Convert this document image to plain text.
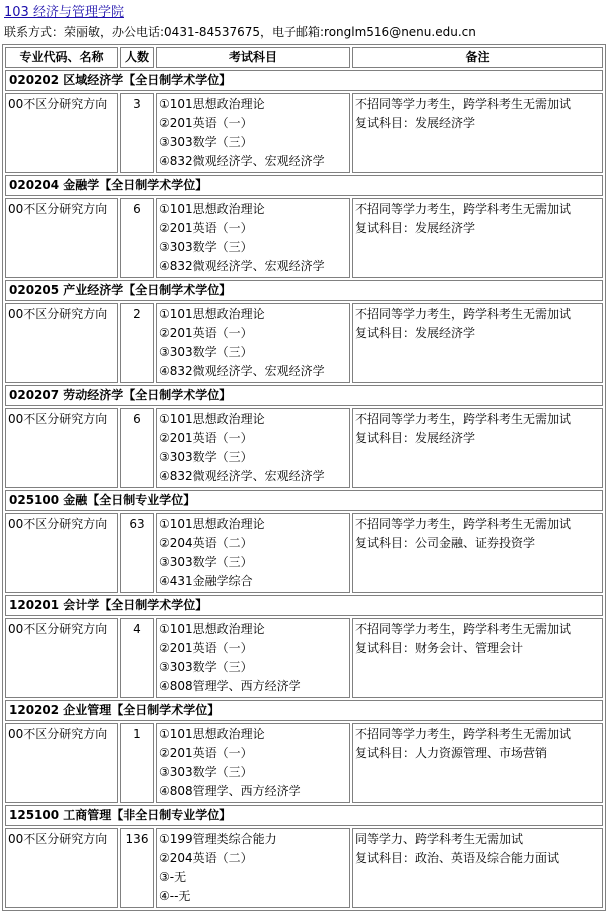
103 经济与管理学院
联系方式：荣丽敏，办公电话:0431-84537675，电子邮箱:ronglm516@nenu.edu.cn
专业代码、名称	人数	考试科目	备注
020202 区域经济学【全日制学术学位】			
00不区分研究方向	3	①101思想政治理论
②201英语（一）
③303数学（三）
④832微观经济学、宏观经济学	不招同等学力考生，跨学科考生无需加试
复试科目：发展经济学

020204 金融学【全日制学术学位】			
00不区分研究方向	6	①101思想政治理论
②201英语（一）
③303数学（三）
④832微观经济学、宏观经济学	不招同等学力考生，跨学科考生无需加试
复试科目：发展经济学

020205 产业经济学【全日制学术学位】			
00不区分研究方向	2	①101思想政治理论
②201英语（一）
③303数学（三）
④832微观经济学、宏观经济学	不招同等学力考生，跨学科考生无需加试
复试科目：发展经济学

020207 劳动经济学【全日制学术学位】			
00不区分研究方向	6	①101思想政治理论
②201英语（一）
③303数学（三）
④832微观经济学、宏观经济学	不招同等学力考生，跨学科考生无需加试
复试科目：发展经济学

025100 金融【全日制专业学位】			
00不区分研究方向	63	①101思想政治理论
②204英语（二）
③303数学（三）
④431金融学综合	不招同等学力考生，跨学科考生无需加试
复试科目：公司金融、证券投资学

120201 会计学【全日制学术学位】			
00不区分研究方向	4	①101思想政治理论
②201英语（一）
③303数学（三）
④808管理学、西方经济学	不招同等学力考生，跨学科考生无需加试
复试科目：财务会计、管理会计

120202 企业管理【全日制学术学位】			
00不区分研究方向	1	①101思想政治理论
②201英语（一）
③303数学（三）
④808管理学、西方经济学	不招同等学力考生，跨学科考生无需加试
复试科目：人力资源管理、市场营销

125100 工商管理【非全日制专业学位】			
00不区分研究方向	136	①199管理类综合能力
②204英语（二）
③-无
④--无	同等学力、跨学科考生无需加试
复试科目：政治、英语及综合能力面试
